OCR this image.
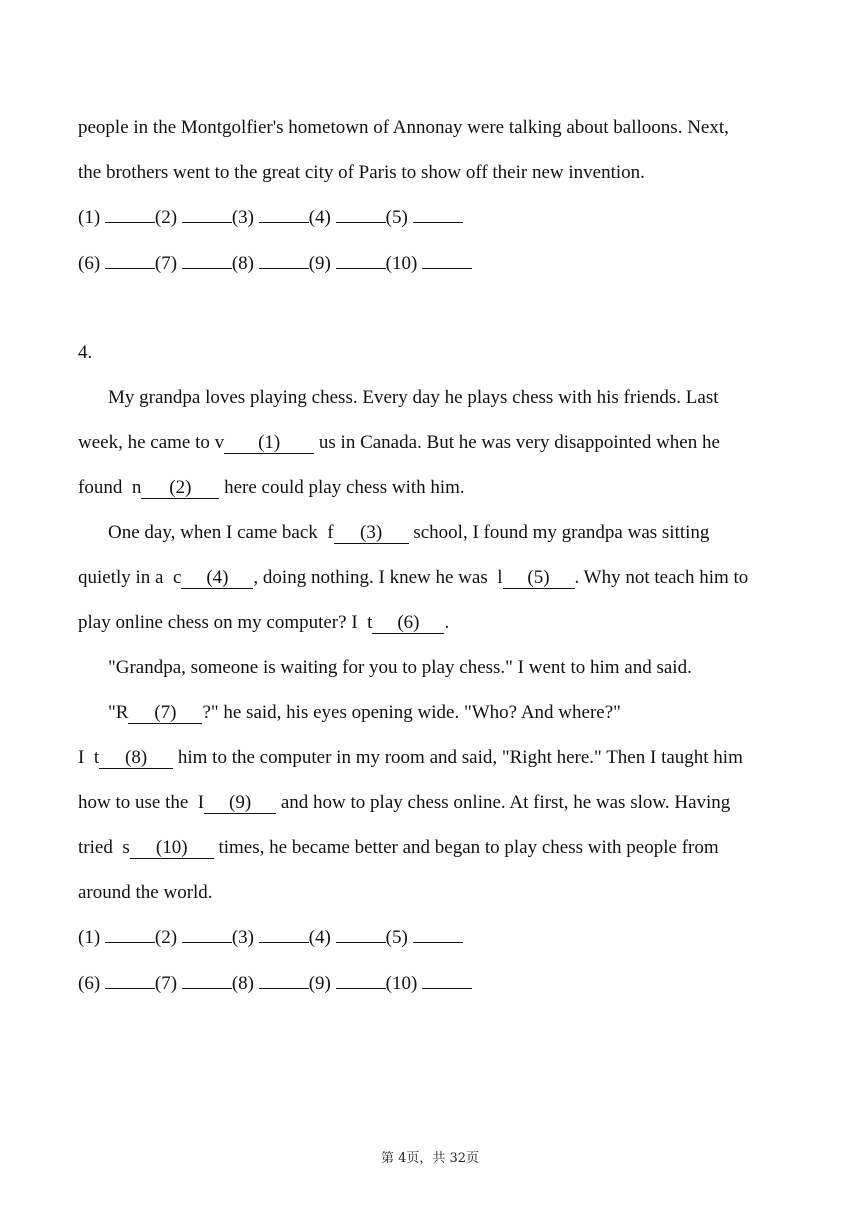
people in the Montgolfier's hometown of Annonay were talking about balloons. Next,
the brothers went to the great city of Paris to show off their new invention.
(1)	(2)	(3)	(4)	(5)
(6)	(7)	(8)	(9)	(10)
4.
My grandpa loves playing chess. Every day he plays chess with his friends. Last
week, he came to v (1) us in Canada. But he was very disappointed when he
found  n (2) here could play chess with him.
One day, when I came back  f (3) school, I found my grandpa was sitting
quietly in a  c (4) , doing nothing. I knew he was  l (5) . Why not teach him to
play online chess on my computer? I  t (6) .
"Grandpa, someone is waiting for you to play chess." I went to him and said.
"R (7) ?" he said, his eyes opening wide. "Who? And where?"
I  t (8) him to the computer in my room and said, "Right here." Then I taught him
how to use the  I (9) and how to play chess online. At first, he was slow. Having
tried  s (10) times, he became better and began to play chess with people from
around the world.
(1)	(2)	(3)	(4)	(5)
(6)	(7)	(8)	(9)	(10)
第 4页，共 32页
